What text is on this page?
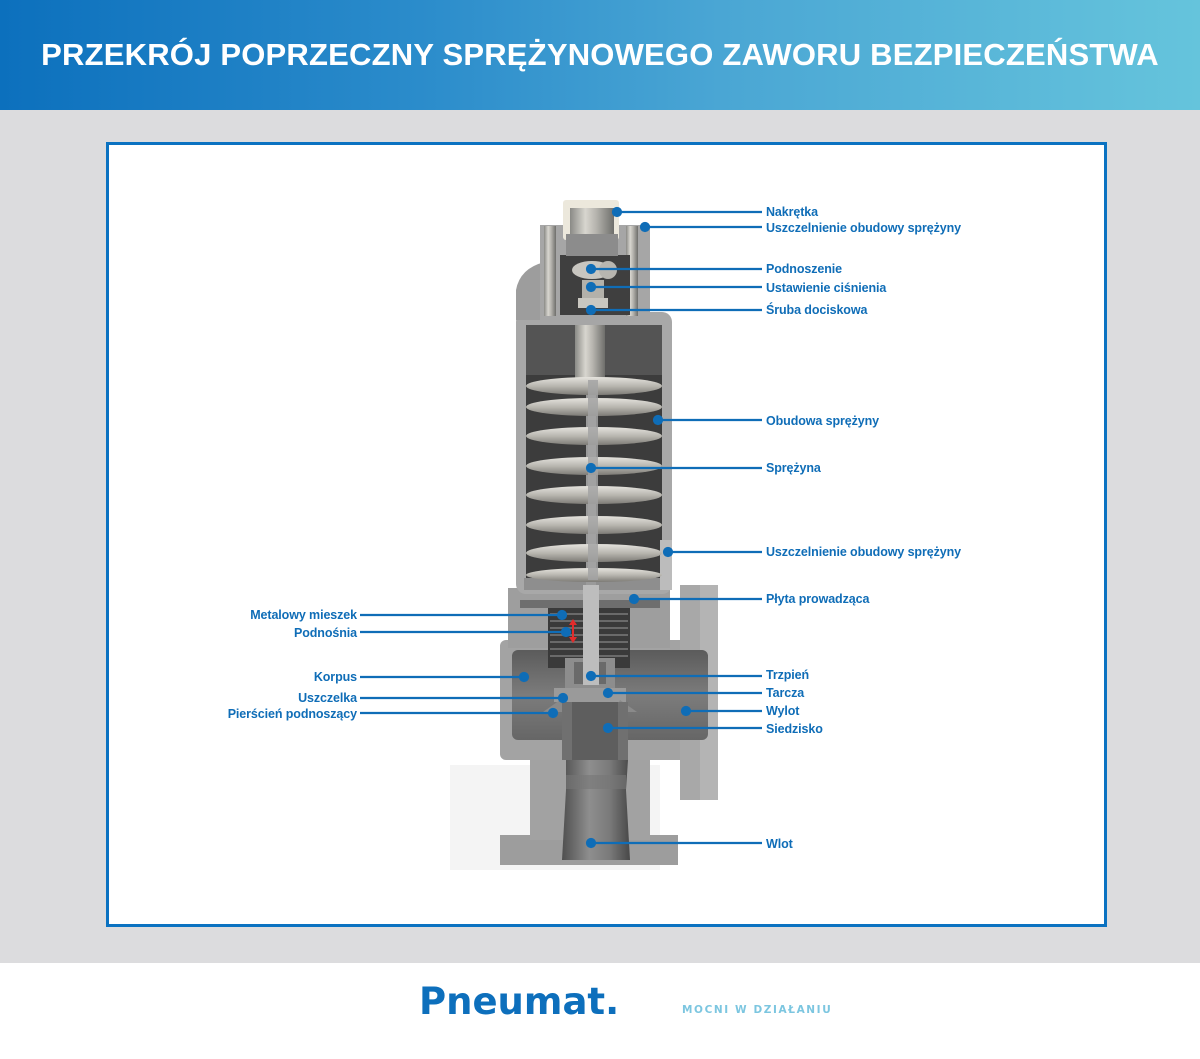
PRZEKRÓJ POPRZECZNY SPRĘŻYNOWEGO ZAWORU BEZPIECZEŃSTWA
Nakrętka
Uszczelnienie obudowy sprężyny
Podnoszenie
Ustawienie ciśnienia
Śruba dociskowa
Obudowa sprężyny
Sprężyna
Uszczelnienie obudowy sprężyny
Płyta prowadząca
Trzpień
Tarcza
Wylot
Siedzisko
Wlot
Metalowy mieszek
Podnośnia
Korpus
Uszczelka
Pierścień podnoszący
Pneumat.	MOCNI W DZIAŁANIU
